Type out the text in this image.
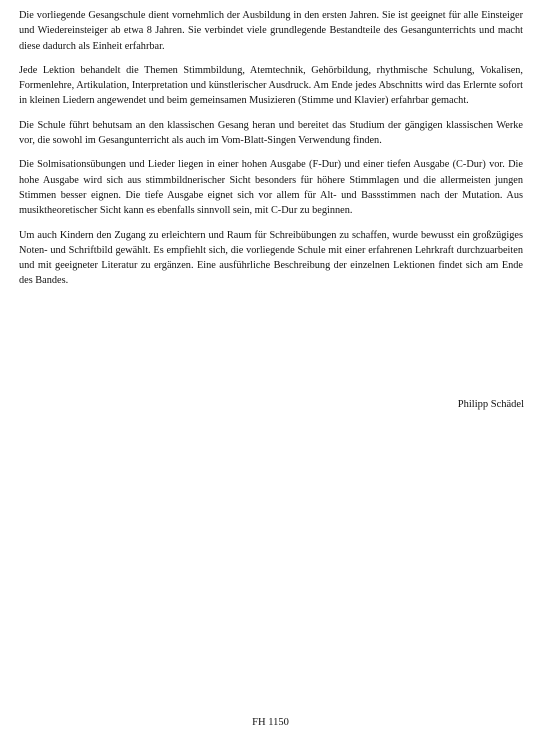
Die vorliegende Gesangschule dient vornehmlich der Ausbildung in den ersten Jahren. Sie ist geeignet für alle Einsteiger und Wiedereinsteiger ab etwa 8 Jahren. Sie verbindet viele grundlegende Bestandteile des Gesangunterrichts und macht diese dadurch als Einheit erfahrbar.

Jede Lektion behandelt die Themen Stimmbildung, Atemtechnik, Gehörbildung, rhythmische Schulung, Vokalisen, Formenlehre, Artikulation, Interpretation und künstlerischer Ausdruck. Am Ende jedes Abschnitts wird das Erlernte sofort in kleinen Liedern angewendet und beim gemeinsamen Musizieren (Stimme und Klavier) erfahrbar gemacht.

Die Schule führt behutsam an den klassischen Gesang heran und bereitet das Studium der gängigen klassischen Werke vor, die sowohl im Gesangunterricht als auch im Vom-Blatt-Singen Verwendung finden.

Die Solmisationsübungen und Lieder liegen in einer hohen Ausgabe (F-Dur) und einer tiefen Ausgabe (C-Dur) vor. Die hohe Ausgabe wird sich aus stimmbildnerischer Sicht besonders für höhere Stimmlagen und die allermeisten jungen Stimmen besser eignen. Die tiefe Ausgabe eignet sich vor allem für Alt- und Bassstimmen nach der Mutation. Aus musiktheoretischer Sicht kann es ebenfalls sinnvoll sein, mit C-Dur zu beginnen.

Um auch Kindern den Zugang zu erleichtern und Raum für Schreibübungen zu schaffen, wurde bewusst ein großzügiges Noten- und Schriftbild gewählt. Es empfiehlt sich, die vorliegende Schule mit einer erfahrenen Lehrkraft durchzuarbeiten und mit geeigneter Literatur zu ergänzen. Eine ausführliche Beschreibung der einzelnen Lektionen findet sich am Ende des Bandes.

Philipp Schädel
FH 1150
